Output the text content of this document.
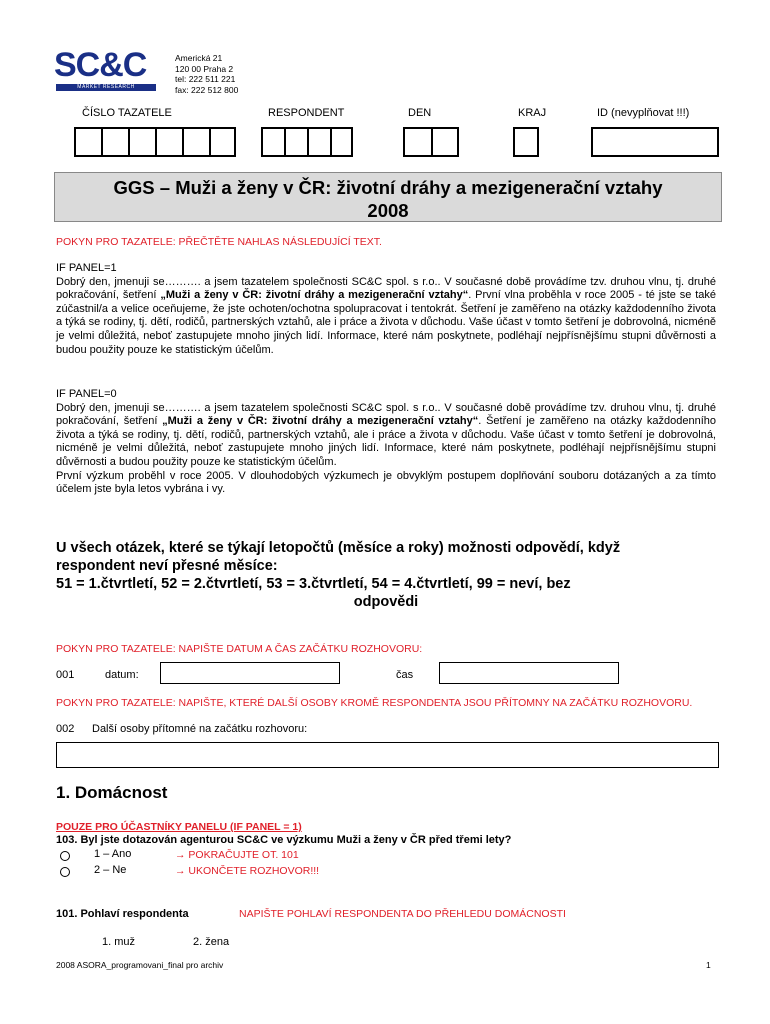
SC&C
MARKET RESEARCH
Americká 21
120 00 Praha 2
tel: 222 511 221
fax: 222 512 800
ČÍSLO TAZATELE	RESPONDENT	DEN	KRAJ	ID (nevyplňovat !!!)
GGS – Muži a ženy v ČR: životní dráhy a mezigenerační vztahy
2008
POKYN PRO TAZATELE: PŘEČTĚTE NAHLAS NÁSLEDUJÍCÍ TEXT.
IF PANEL=1
Dobrý den, jmenuji se………. a jsem tazatelem společnosti SC&C spol. s r.o.. V současné době provádíme tzv. druhou vlnu, tj. druhé pokračování, šetření „Muži a ženy v ČR: životní dráhy a mezigenerační vztahy“. První vlna proběhla v roce 2005 - té jste se také zúčastnil/a a velice oceňujeme, že jste ochoten/ochotna spolupracovat i tentokrát. Šetření je zaměřeno na otázky každodenního života a týká se rodiny, tj. dětí, rodičů, partnerských vztahů, ale i práce a života v důchodu. Vaše účast v tomto šetření je dobrovolná, nicméně je velmi důležitá, neboť zastupujete mnoho jiných lidí. Informace, které nám poskytnete, podléhají nejpřísnějšímu stupni důvěrnosti a budou použity pouze ke statistickým účelům.
IF PANEL=0
Dobrý den, jmenuji se………. a jsem tazatelem společnosti SC&C spol. s r.o.. V současné době provádíme tzv. druhou vlnu, tj. druhé pokračování, šetření „Muži a ženy v ČR: životní dráhy a mezigenerační vztahy“. Šetření je zaměřeno na otázky každodenního života a týká se rodiny, tj. dětí, rodičů, partnerských vztahů, ale i práce a života v důchodu. Vaše účast v tomto šetření je dobrovolná, nicméně je velmi důležitá, neboť zastupujete mnoho jiných lidí. Informace, které nám poskytnete, podléhají nejpřísnějšímu stupni důvěrnosti a budou použity pouze ke statistickým účelům.
První výzkum proběhl v roce 2005. V dlouhodobých výzkumech je obvyklým postupem doplňování souboru dotázaných a za tímto účelem jste byla letos vybrána i vy.
U všech otázek, které se týkají letopočtů (měsíce a roky) možnosti odpovědí, když
respondent neví přesné měsíce:
51 = 1.čtvrtletí, 52 = 2.čtvrtletí, 53 = 3.čtvrtletí, 54 = 4.čtvrtletí, 99 = neví, bez
odpovědi
POKYN PRO TAZATELE: NAPIŠTE DATUM A ČAS ZAČÁTKU ROZHOVORU:
001	datum:	čas
POKYN PRO TAZATELE: NAPIŠTE, KTERÉ DALŠÍ OSOBY KROMĚ RESPONDENTA JSOU PŘÍTOMNY NA ZAČÁTKU ROZHOVORU.
002 Další osoby přítomné na začátku rozhovoru:
1. Domácnost
POUZE PRO ÚČASTNÍKY PANELU (IF PANEL = 1)
103. Byl jste dotazován agenturou SC&C ve výzkumu Muži a ženy v ČR před třemi lety?
1 – Ano	→ POKRAČUJTE OT. 101
2 – Ne	→ UKONČETE ROZHOVOR!!!
101. Pohlaví respondenta	NAPIŠTE POHLAVÍ RESPONDENTA DO PŘEHLEDU DOMÁCNOSTI
1. muž	2. žena
2008 ASORA_programovani_final pro archiv	1
